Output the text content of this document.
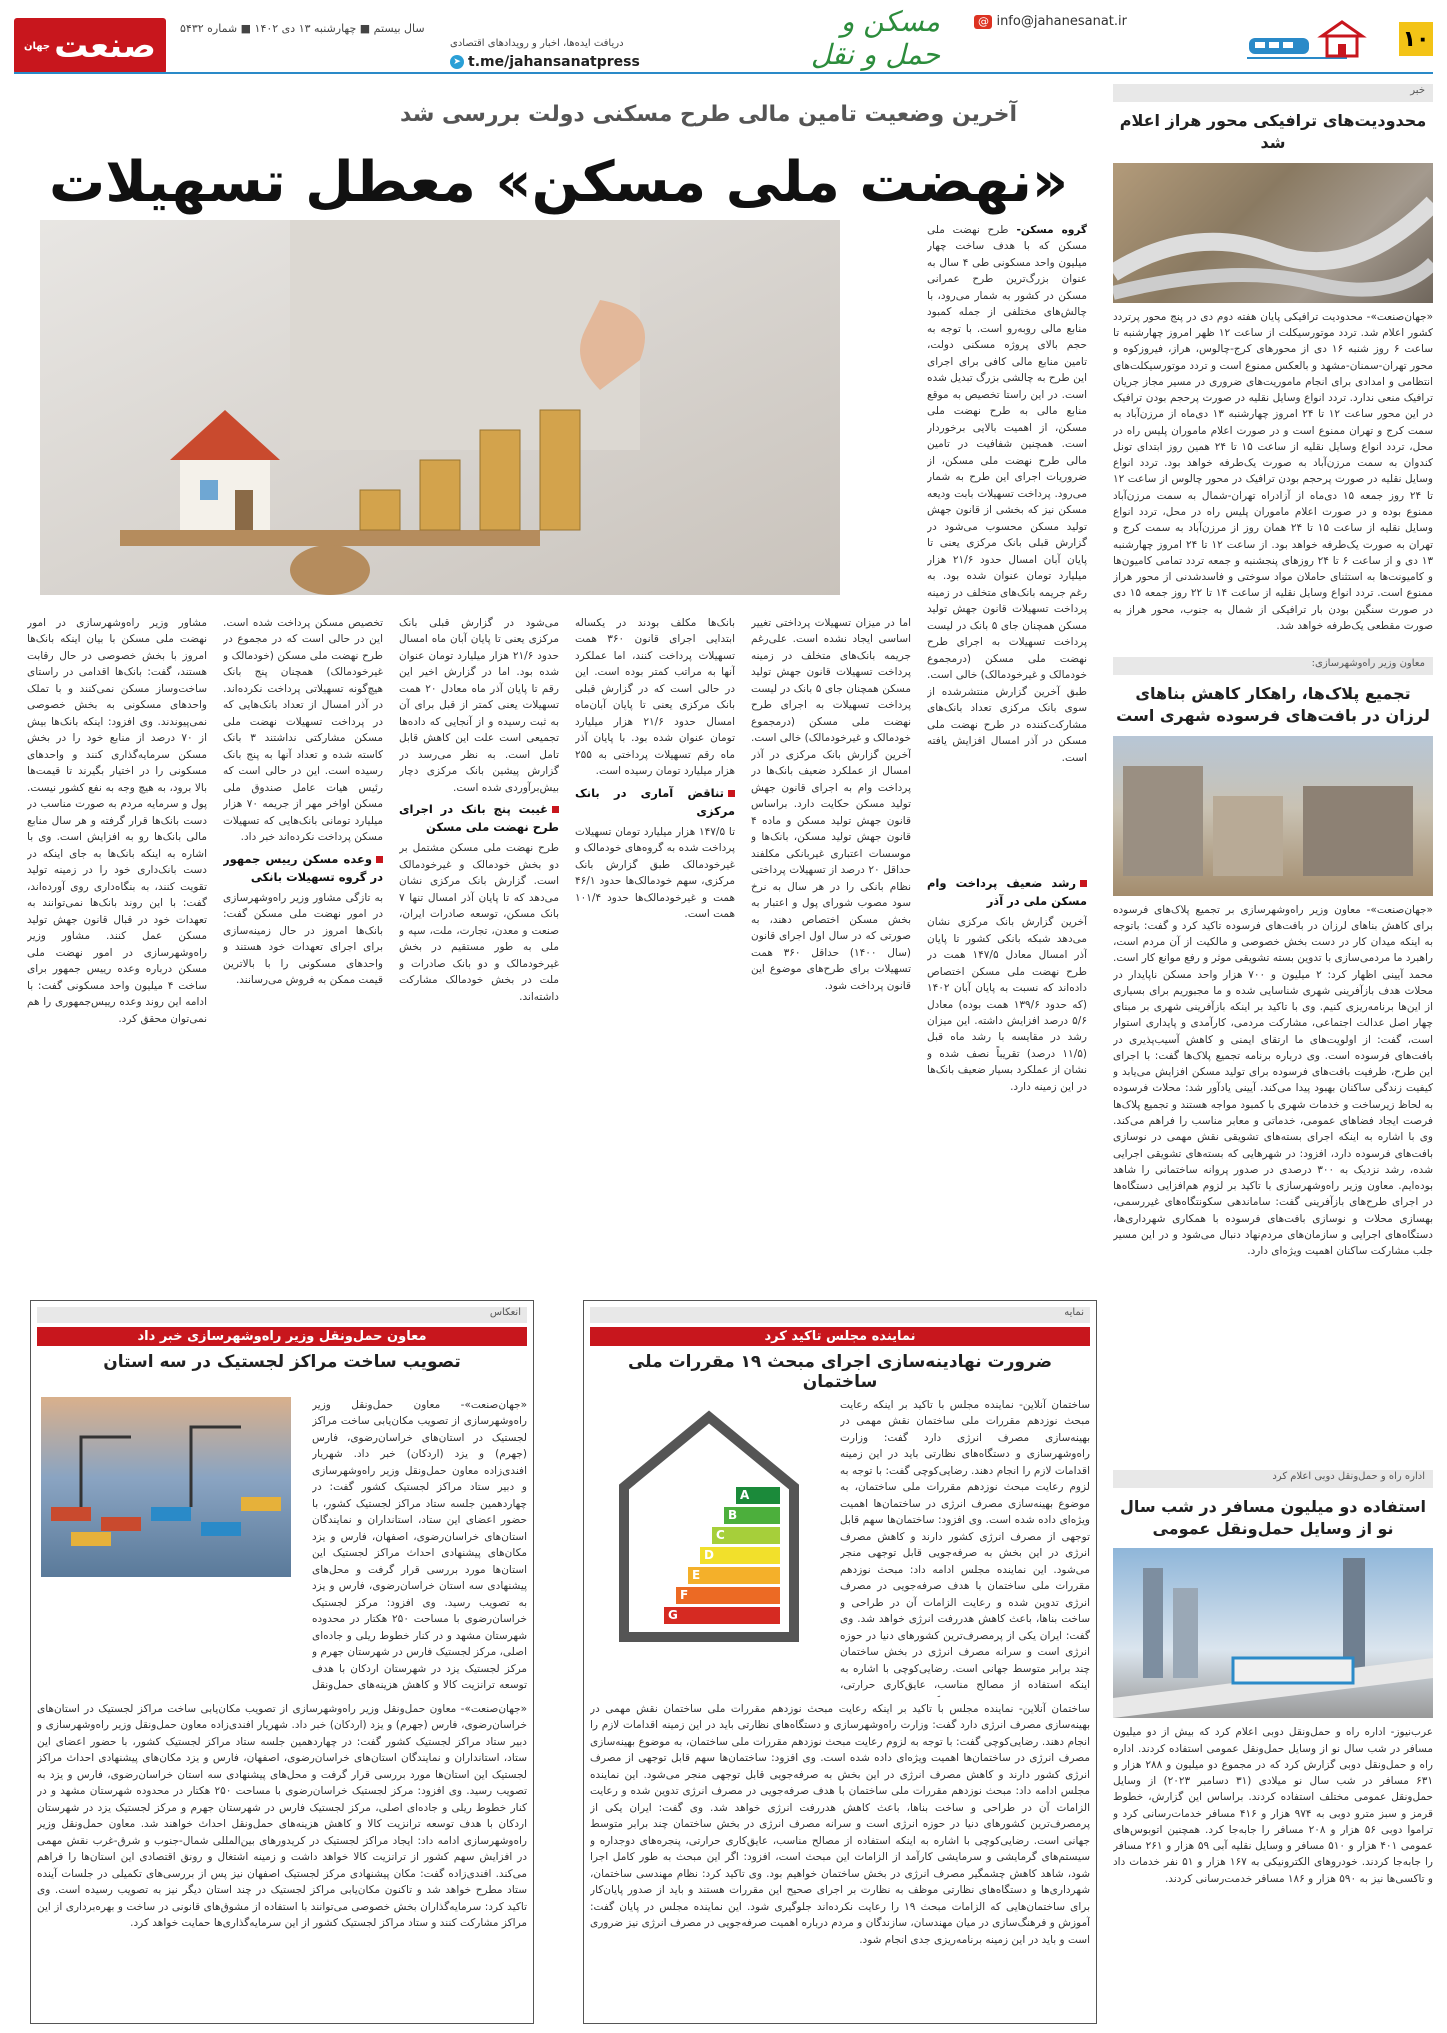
۱۰
@ info@jahanesanat.ir
مسکن و حمل و نقل
دریافت ایده‌ها، اخبار و رویدادهای اقتصادی
➤ t.me/jahansanatpress
سال بیستم ■ چهارشنبه ۱۳ دی ۱۴۰۲ ■ شماره ۵۴۳۲
صنعت
جهان
خبر
محدودیت‌های ترافیکی محور هراز اعلام شد
«جهان‌صنعت»- محدودیت ترافیکی پایان هفته دوم دی در پنج محور پرتردد کشور اعلام شد. تردد موتورسیکلت از ساعت ۱۲ ظهر امروز چهارشنبه تا ساعت ۶ روز شنبه ۱۶ دی از محورهای کرج-چالوس، هراز، فیروزکوه و محور تهران-سمنان-مشهد و بالعکس ممنوع است و تردد موتورسیکلت‌های انتظامی و امدادی برای انجام ماموریت‌های ضروری در مسیر مجاز جریان ترافیک منعی ندارد. تردد انواع وسایل نقلیه در صورت پرحجم بودن ترافیک در این محور ساعت ۱۲ تا ۲۴ امروز چهارشنبه ۱۳ دی‌ماه از مرزن‌آباد به سمت کرج و تهران ممنوع است و در صورت اعلام ماموران پلیس راه در محل، تردد انواع وسایل نقلیه از ساعت ۱۵ تا ۲۴ همین روز ابتدای تونل کندوان به سمت مرزن‌آباد به صورت یک‌طرفه خواهد بود. تردد انواع وسایل نقلیه در صورت پرحجم بودن ترافیک در محور چالوس از ساعت ۱۲ تا ۲۴ روز جمعه ۱۵ دی‌ماه از آزادراه تهران-شمال به سمت مرزن‌آباد ممنوع بوده و در صورت اعلام ماموران پلیس راه در محل، تردد انواع وسایل نقلیه از ساعت ۱۵ تا ۲۴ همان روز از مرزن‌آباد به سمت کرج و تهران به صورت یک‌طرفه خواهد بود. از ساعت ۱۲ تا ۲۴ امروز چهارشنبه ۱۳ دی و از ساعت ۶ تا ۲۴ روزهای پنجشنبه و جمعه تردد تمامی کامیون‌ها و کامیونت‌ها به استثنای حاملان مواد سوختی و فاسدشدنی از محور هراز ممنوع است. تردد انواع وسایل نقلیه از ساعت ۱۴ تا ۲۲ روز جمعه ۱۵ دی در صورت سنگین بودن بار ترافیکی از شمال به جنوب، محور هراز به صورت مقطعی یک‌طرفه خواهد شد.
معاون وزیر راه‌وشهرسازی:
تجمیع پلاک‌ها، راهکار کاهش بناهای لرزان در بافت‌های فرسوده شهری است
«جهان‌صنعت»- معاون وزیر راه‌وشهرسازی بر تجمیع پلاک‌های فرسوده برای کاهش بناهای لرزان در بافت‌های فرسوده تاکید کرد و گفت: باتوجه به اینکه میدان کار در دست بخش خصوصی و مالکیت از آن مردم است، راهبرد ما مردمی‌سازی با تدوین بسته تشویقی موثر و رفع موانع کار است. محمد آیینی اظهار کرد: ۲ میلیون و ۷۰۰ هزار واحد مسکن ناپایدار در محلات هدف بازآفرینی شهری شناسایی شده و ما مجبوریم برای بسیاری از این‌ها برنامه‌ریزی کنیم. وی با تاکید بر اینکه بازآفرینی شهری بر مبنای چهار اصل عدالت اجتماعی، مشارکت مردمی، کارآمدی و پایداری استوار است، گفت: از اولویت‌های ما ارتقای ایمنی و کاهش آسیب‌پذیری در بافت‌های فرسوده است. وی درباره برنامه تجمیع پلاک‌ها گفت: با اجرای این طرح، ظرفیت بافت‌های فرسوده برای تولید مسکن افزایش می‌یابد و کیفیت زندگی ساکنان بهبود پیدا می‌کند. آیینی یادآور شد: محلات فرسوده به لحاظ زیرساخت و خدمات شهری با کمبود مواجه هستند و تجمیع پلاک‌ها فرصت ایجاد فضاهای عمومی، خدماتی و معابر مناسب را فراهم می‌کند. وی با اشاره به اینکه اجرای بسته‌های تشویقی نقش مهمی در نوسازی بافت‌های فرسوده دارد، افزود: در شهرهایی که بسته‌های تشویقی اجرایی شده، رشد نزدیک به ۳۰۰ درصدی در صدور پروانه ساختمانی را شاهد بوده‌ایم. معاون وزیر راه‌وشهرسازی با تاکید بر لزوم هم‌افزایی دستگاه‌ها در اجرای طرح‌های بازآفرینی گفت: ساماندهی سکونتگاه‌های غیررسمی، بهسازی محلات و نوسازی بافت‌های فرسوده با همکاری شهرداری‌ها، دستگاه‌های اجرایی و سازمان‌های مردم‌نهاد دنبال می‌شود و در این مسیر جلب مشارکت ساکنان اهمیت ویژه‌ای دارد.
اداره راه و حمل‌ونقل دوبی اعلام کرد
استفاده دو میلیون مسافر در شب سال نو از وسایل حمل‌ونقل عمومی
عرب‌نیوز- اداره راه و حمل‌ونقل دوبی اعلام کرد که بیش از دو میلیون مسافر در شب سال نو از وسایل حمل‌ونقل عمومی استفاده کردند. اداره راه و حمل‌ونقل دوبی گزارش کرد که در مجموع دو میلیون و ۲۸۸ هزار و ۶۳۱ مسافر در شب سال نو میلادی (۳۱ دسامبر ۲۰۲۳) از وسایل حمل‌ونقل عمومی مختلف استفاده کردند. براساس این گزارش، خطوط قرمز و سبز مترو دوبی به ۹۷۴ هزار و ۴۱۶ مسافر خدمات‌رسانی کرد و تراموا دوبی ۵۶ هزار و ۲۰۸ مسافر را جابه‌جا کرد. همچنین اتوبوس‌های عمومی ۴۰۱ هزار و ۵۱۰ مسافر و وسایل نقلیه آبی ۵۹ هزار و ۲۶۱ مسافر را جابه‌جا کردند. خودروهای الکترونیکی به ۱۶۷ هزار و ۵۱ نفر خدمات داد و تاکسی‌ها نیز به ۵۹۰ هزار و ۱۸۶ مسافر خدمت‌رسانی کردند.
آخرین وضعیت تامین مالی طرح مسکنی دولت بررسی شد
«نهضت ملی مسکن» معطل تسهیلات
گروه مسکن- طرح نهضت ملی مسکن که با هدف ساخت چهار میلیون واحد مسکونی طی ۴ سال به عنوان بزرگ‌ترین طرح عمرانی مسکن در کشور به شمار می‌رود، با چالش‌های مختلفی از جمله کمبود منابع مالی روبه‌رو است. با توجه به حجم بالای پروژه مسکنی دولت، تامین منابع مالی کافی برای اجرای این طرح به چالشی بزرگ تبدیل شده است. در این راستا تخصیص به موقع منابع مالی به طرح نهضت ملی مسکن، از اهمیت بالایی برخوردار است. همچنین شفافیت در تامین مالی طرح نهضت ملی مسکن، از ضروریات اجرای این طرح به شمار می‌رود. پرداخت تسهیلات بابت ودیعه مسکن نیز که بخشی از قانون جهش تولید مسکن محسوب می‌شود در گزارش قبلی بانک مرکزی یعنی تا پایان آبان امسال حدود ۲۱/۶ هزار میلیارد تومان عنوان شده بود. به رغم جریمه بانک‌های متخلف در زمینه پرداخت تسهیلات قانون جهش تولید مسکن همچنان جای ۵ بانک در لیست پرداخت تسهیلات به اجرای طرح نهضت ملی مسکن (درمجموع خودمالک و غیرخودمالک) خالی است. طبق آخرین گزارش منتشرشده از سوی بانک مرکزی تعداد بانک‌های مشارکت‌کننده در طرح نهضت ملی مسکن در آذر امسال افزایش یافته است.
اما در میزان تسهیلات پرداختی تغییر اساسی ایجاد نشده است. علی‌رغم جریمه بانک‌های متخلف در زمینه پرداخت تسهیلات قانون جهش تولید مسکن همچنان جای ۵ بانک در لیست پرداخت تسهیلات به اجرای طرح نهضت ملی مسکن (درمجموع خودمالک و غیرخودمالک) خالی است. آخرین گزارش بانک مرکزی در آذر امسال از عملکرد ضعیف بانک‌ها در پرداخت وام به اجرای قانون جهش تولید مسکن حکایت دارد. براساس قانون جهش تولید مسکن و ماده ۴ قانون جهش تولید مسکن، بانک‌ها و موسسات اعتباری غیربانکی مکلفند حداقل ۲۰ درصد از تسهیلات پرداختی نظام بانکی را در هر سال به نرخ سود مصوب شورای پول و اعتبار به بخش مسکن اختصاص دهند، به صورتی که در سال اول اجرای قانون (سال ۱۴۰۰) حداقل ۳۶۰ همت تسهیلات برای طرح‌های موضوع این قانون پرداخت شود.
رشد ضعیف پرداخت وام مسکن ملی در آذر
آخرین گزارش بانک مرکزی نشان می‌دهد شبکه بانکی کشور تا پایان آذر امسال معادل ۱۴۷/۵ همت در طرح نهضت ملی مسکن اختصاص داده‌اند که نسبت به پایان آبان ۱۴۰۲ (که حدود ۱۳۹/۶ همت بوده) معادل ۵/۶ درصد افزایش داشته. این میزان رشد در مقایسه با رشد ماه قبل (۱۱/۵ درصد) تقریباً نصف شده و نشان از عملکرد بسیار ضعیف بانک‌ها در این زمینه دارد.
بانک‌ها مکلف بودند در یکساله ابتدایی اجرای قانون ۳۶۰ همت تسهیلات پرداخت کنند، اما عملکرد آنها به مراتب کمتر بوده است. این در حالی است که در گزارش قبلی بانک مرکزی یعنی تا پایان آبان‌ماه امسال حدود ۲۱/۶ هزار میلیارد تومان عنوان شده بود. با پایان آذر ماه رقم تسهیلات پرداختی به ۲۵۵ هزار میلیارد تومان رسیده است.
تناقض آماری در بانک مرکزی
تا ۱۴۷/۵ هزار میلیارد تومان تسهیلات پرداخت شده به گروه‌های خودمالک و غیرخودمالک طبق گزارش بانک مرکزی، سهم خودمالک‌ها حدود ۴۶/۱ همت و غیرخودمالک‌ها حدود ۱۰۱/۴ همت است.
می‌شود در گزارش قبلی بانک مرکزی یعنی تا پایان آبان ماه امسال حدود ۲۱/۶ هزار میلیارد تومان عنوان شده بود. اما در گزارش اخیر این رقم تا پایان آذر ماه معادل ۲۰ همت تسهیلات یعنی کمتر از قبل برای آن به ثبت رسیده و از آنجایی که داده‌ها تجمیعی است علت این کاهش قابل تامل است. به نظر می‌رسد در گزارش پیشین بانک مرکزی دچار بیش‌برآوردی شده است.
غیبت پنج بانک در اجرای طرح نهضت ملی مسکن
طرح نهضت ملی مسکن مشتمل بر دو بخش خودمالک و غیرخودمالک است. گزارش بانک مرکزی نشان می‌دهد که تا پایان آذر امسال تنها ۷ بانک مسکن، توسعه صادرات ایران، صنعت و معدن، تجارت، ملت، سپه و ملی به طور مستقیم در بخش غیرخودمالک و دو بانک صادرات و ملت در بخش خودمالک مشارکت داشته‌اند.
تخصیص مسکن پرداخت شده است. این در حالی است که در مجموع در طرح نهضت ملی مسکن (خودمالک و غیرخودمالک) همچنان پنج بانک هیچ‌گونه تسهیلاتی پرداخت نکرده‌اند. در آذر امسال از تعداد بانک‌هایی که در پرداخت تسهیلات نهضت ملی مسکن مشارکتی نداشتند ۳ بانک کاسته شده و تعداد آنها به پنج بانک رسیده است. این در حالی است که رئیس هیات عامل صندوق ملی مسکن اواخر مهر از جریمه ۷۰ هزار میلیارد تومانی بانک‌هایی که تسهیلات مسکن پرداخت نکرده‌اند خبر داد.
وعده مسکن رییس جمهور در گروه تسهیلات بانکی
به تازگی مشاور وزیر راه‌وشهرسازی در امور نهضت ملی مسکن گفت: بانک‌ها امروز در حال زمینه‌سازی برای اجرای تعهدات خود هستند و واحدهای مسکونی را با بالاترین قیمت ممکن به فروش می‌رسانند.
مشاور وزیر راه‌وشهرسازی در امور نهضت ملی مسکن با بیان اینکه بانک‌ها امروز با بخش خصوصی در حال رقابت هستند، گفت: بانک‌ها اقدامی در راستای ساخت‌وساز مسکن نمی‌کنند و با تملک واحدهای مسکونی به بخش خصوصی نمی‌پیوندند. وی افزود: اینکه بانک‌ها بیش از ۷۰ درصد از منابع خود را در بخش مسکن سرمایه‌گذاری کنند و واحدهای مسکونی را در اختیار بگیرند تا قیمت‌ها بالا برود، به هیچ وجه به نفع کشور نیست. پول و سرمایه مردم به صورت مناسب در دست بانک‌ها قرار گرفته و هر سال منابع مالی بانک‌ها رو به افزایش است. وی با اشاره به اینکه بانک‌ها به جای اینکه در دست بانک‌داری خود را در زمینه تولید تقویت کنند، به بنگاه‌داری روی آورده‌اند، گفت: با این روند بانک‌ها نمی‌توانند به تعهدات خود در قبال قانون جهش تولید مسکن عمل کنند. مشاور وزیر راه‌وشهرسازی در امور نهضت ملی مسکن درباره وعده رییس جمهور برای ساخت ۴ میلیون واحد مسکونی گفت: با ادامه این روند وعده رییس‌جمهوری را هم نمی‌توان محقق کرد.
نمایه
نماینده مجلس تاکید کرد
ضرورت نهادینه‌سازی اجرای مبحث ۱۹ مقررات ملی ساختمان
ساختمان آنلاین- نماینده مجلس با تاکید بر اینکه رعایت مبحث نوزدهم مقررات ملی ساختمان نقش مهمی در بهینه‌سازی مصرف انرژی دارد گفت: وزارت راه‌وشهرسازی و دستگاه‌های نظارتی باید در این زمینه اقدامات لازم را انجام دهند. رضایی‌کوچی گفت: با توجه به لزوم رعایت مبحث نوزدهم مقررات ملی ساختمان، به موضوع بهینه‌سازی مصرف انرژی در ساختمان‌ها اهمیت ویژه‌ای داده شده است. وی افزود: ساختمان‌ها سهم قابل توجهی از مصرف انرژی کشور دارند و کاهش مصرف انرژی در این بخش به صرفه‌جویی قابل توجهی منجر می‌شود. این نماینده مجلس ادامه داد: مبحث نوزدهم مقررات ملی ساختمان با هدف صرفه‌جویی در مصرف انرژی تدوین شده و رعایت الزامات آن در طراحی و ساخت بناها، باعث کاهش هدررفت انرژی خواهد شد. وی گفت: ایران یکی از پرمصرف‌ترین کشورهای دنیا در حوزه انرژی است و سرانه مصرف انرژی در بخش ساختمان چند برابر متوسط جهانی است. رضایی‌کوچی با اشاره به اینکه استفاده از مصالح مناسب، عایق‌کاری حرارتی،
A
B
C
D
E
F
G
ساختمان آنلاین- نماینده مجلس با تاکید بر اینکه رعایت مبحث نوزدهم مقررات ملی ساختمان نقش مهمی در بهینه‌سازی مصرف انرژی دارد گفت: وزارت راه‌وشهرسازی و دستگاه‌های نظارتی باید در این زمینه اقدامات لازم را انجام دهند. رضایی‌کوچی گفت: با توجه به لزوم رعایت مبحث نوزدهم مقررات ملی ساختمان، به موضوع بهینه‌سازی مصرف انرژی در ساختمان‌ها اهمیت ویژه‌ای داده شده است. وی افزود: ساختمان‌ها سهم قابل توجهی از مصرف انرژی کشور دارند و کاهش مصرف انرژی در این بخش به صرفه‌جویی قابل توجهی منجر می‌شود. این نماینده مجلس ادامه داد: مبحث نوزدهم مقررات ملی ساختمان با هدف صرفه‌جویی در مصرف انرژی تدوین شده و رعایت الزامات آن در طراحی و ساخت بناها، باعث کاهش هدررفت انرژی خواهد شد. وی گفت: ایران یکی از پرمصرف‌ترین کشورهای دنیا در حوزه انرژی است و سرانه مصرف انرژی در بخش ساختمان چند برابر متوسط جهانی است. رضایی‌کوچی با اشاره به اینکه استفاده از مصالح مناسب، عایق‌کاری حرارتی، پنجره‌های دوجداره و سیستم‌های گرمایشی و سرمایشی کارآمد از الزامات این مبحث است، افزود: اگر این مبحث به طور کامل اجرا شود، شاهد کاهش چشمگیر مصرف انرژی در بخش ساختمان خواهیم بود. وی تاکید کرد: نظام مهندسی ساختمان، شهرداری‌ها و دستگاه‌های نظارتی موظف به نظارت بر اجرای صحیح این مقررات هستند و باید از صدور پایان‌کار برای ساختمان‌هایی که الزامات مبحث ۱۹ را رعایت نکرده‌اند جلوگیری شود. این نماینده مجلس در پایان گفت: آموزش و فرهنگ‌سازی در میان مهندسان، سازندگان و مردم درباره اهمیت صرفه‌جویی در مصرف انرژی نیز ضروری است و باید در این زمینه برنامه‌ریزی جدی انجام شود.
انعکاس
معاون حمل‌ونقل وزیر راه‌وشهرسازی خبر داد
تصویب ساخت مراکز لجستیک در سه استان
«جهان‌صنعت»- معاون حمل‌ونقل وزیر راه‌وشهرسازی از تصویب مکان‌یابی ساخت مراکز لجستیک در استان‌های خراسان‌رضوی، فارس (جهرم) و یزد (اردکان) خبر داد. شهریار افندی‌زاده معاون حمل‌ونقل وزیر راه‌وشهرسازی و دبیر ستاد مراکز لجستیک کشور گفت: در چهاردهمین جلسه ستاد مراکز لجستیک کشور، با حضور اعضای این ستاد، استانداران و نمایندگان استان‌های خراسان‌رضوی، اصفهان، فارس و یزد مکان‌های پیشنهادی احداث مراکز لجستیک این استان‌ها مورد بررسی قرار گرفت و محل‌های پیشنهادی سه استان خراسان‌رضوی، فارس و یزد به تصویب رسید. وی افزود: مرکز لجستیک خراسان‌رضوی با مساحت ۲۵۰ هکتار در محدوده شهرستان مشهد و در کنار خطوط ریلی و جاده‌ای اصلی، مرکز لجستیک فارس در شهرستان جهرم و مرکز لجستیک یزد در شهرستان اردکان با هدف توسعه ترانزیت کالا و کاهش هزینه‌های حمل‌ونقل
«جهان‌صنعت»- معاون حمل‌ونقل وزیر راه‌وشهرسازی از تصویب مکان‌یابی ساخت مراکز لجستیک در استان‌های خراسان‌رضوی، فارس (جهرم) و یزد (اردکان) خبر داد. شهریار افندی‌زاده معاون حمل‌ونقل وزیر راه‌وشهرسازی و دبیر ستاد مراکز لجستیک کشور گفت: در چهاردهمین جلسه ستاد مراکز لجستیک کشور، با حضور اعضای این ستاد، استانداران و نمایندگان استان‌های خراسان‌رضوی، اصفهان، فارس و یزد مکان‌های پیشنهادی احداث مراکز لجستیک این استان‌ها مورد بررسی قرار گرفت و محل‌های پیشنهادی سه استان خراسان‌رضوی، فارس و یزد به تصویب رسید. وی افزود: مرکز لجستیک خراسان‌رضوی با مساحت ۲۵۰ هکتار در محدوده شهرستان مشهد و در کنار خطوط ریلی و جاده‌ای اصلی، مرکز لجستیک فارس در شهرستان جهرم و مرکز لجستیک یزد در شهرستان اردکان با هدف توسعه ترانزیت کالا و کاهش هزینه‌های حمل‌ونقل احداث خواهند شد. معاون حمل‌ونقل وزیر راه‌وشهرسازی ادامه داد: ایجاد مراکز لجستیک در کریدورهای بین‌المللی شمال-جنوب و شرق-غرب نقش مهمی در افزایش سهم کشور از ترانزیت کالا خواهد داشت و زمینه اشتغال و رونق اقتصادی این استان‌ها را فراهم می‌کند. افندی‌زاده گفت: مکان پیشنهادی مرکز لجستیک اصفهان نیز پس از بررسی‌های تکمیلی در جلسات آینده ستاد مطرح خواهد شد و تاکنون مکان‌یابی مراکز لجستیک در چند استان دیگر نیز به تصویب رسیده است. وی تاکید کرد: سرمایه‌گذاران بخش خصوصی می‌توانند با استفاده از مشوق‌های قانونی در ساخت و بهره‌برداری از این مراکز مشارکت کنند و ستاد مراکز لجستیک کشور از این سرمایه‌گذاری‌ها حمایت خواهد کرد.
